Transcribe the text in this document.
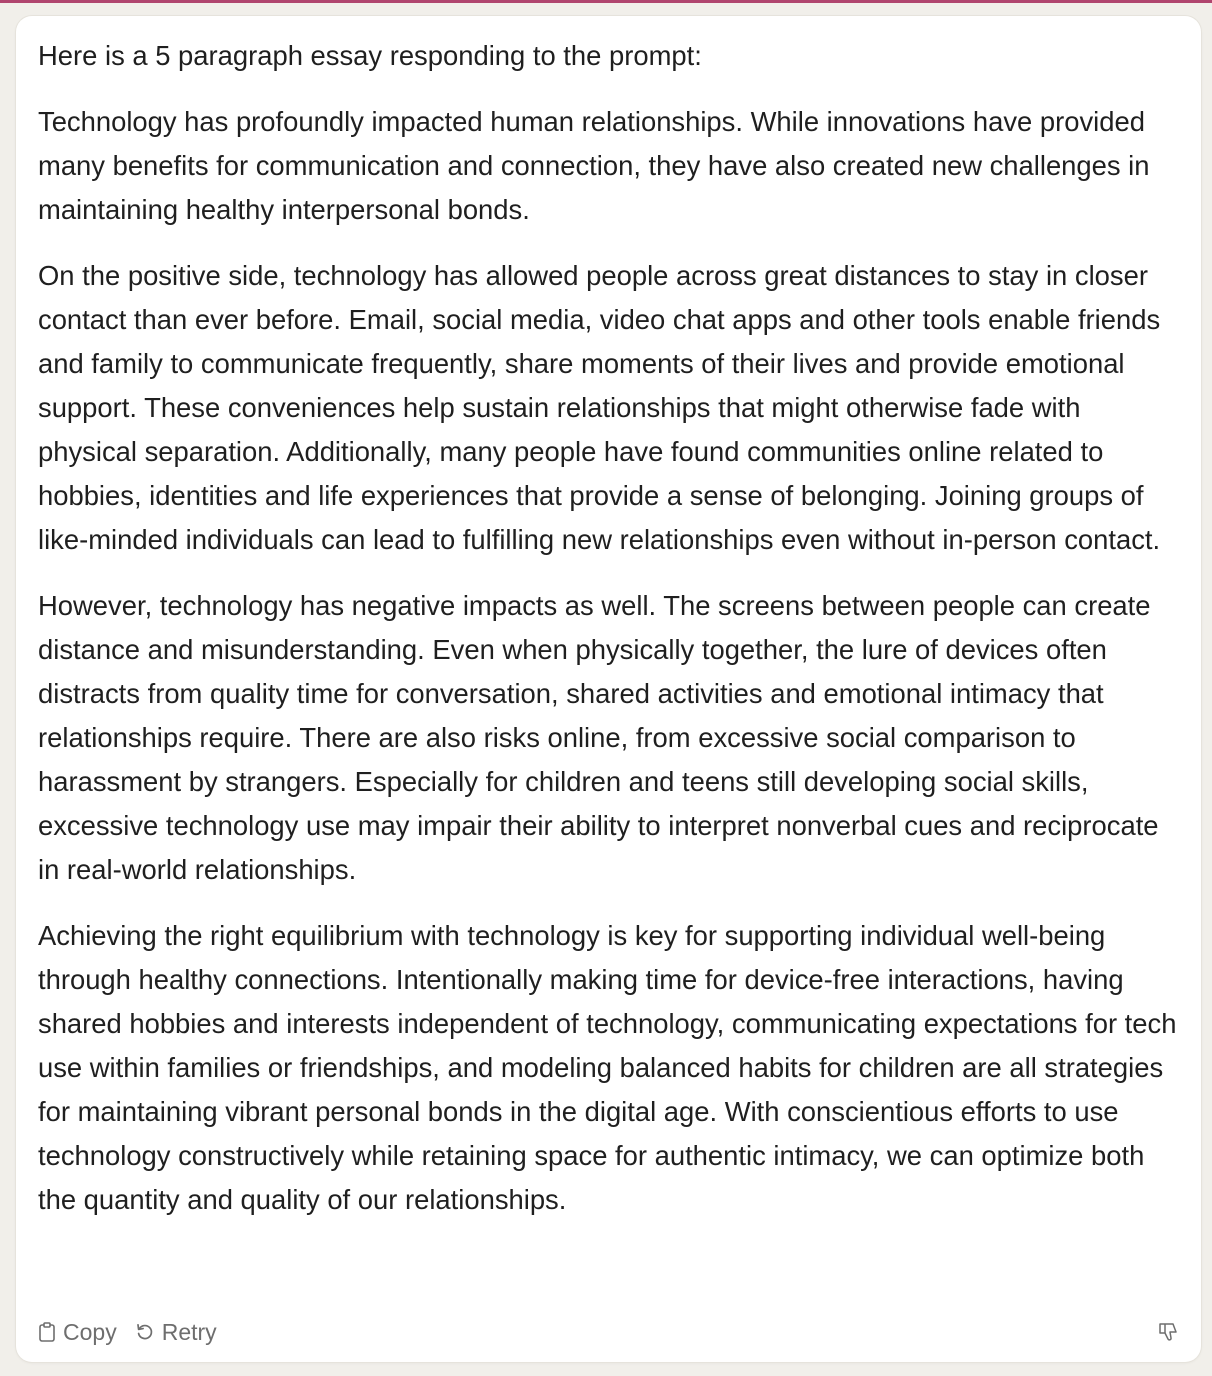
Here is a 5 paragraph essay responding to the prompt:

Technology has profoundly impacted human relationships. While innovations have provided many benefits for communication and connection, they have also created new challenges in maintaining healthy interpersonal bonds.

On the positive side, technology has allowed people across great distances to stay in closer contact than ever before. Email, social media, video chat apps and other tools enable friends and family to communicate frequently, share moments of their lives and provide emotional support. These conveniences help sustain relationships that might otherwise fade with physical separation. Additionally, many people have found communities online related to hobbies, identities and life experiences that provide a sense of belonging. Joining groups of like-minded individuals can lead to fulfilling new relationships even without in-person contact.

However, technology has negative impacts as well. The screens between people can create distance and misunderstanding. Even when physically together, the lure of devices often distracts from quality time for conversation, shared activities and emotional intimacy that relationships require. There are also risks online, from excessive social comparison to harassment by strangers. Especially for children and teens still developing social skills, excessive technology use may impair their ability to interpret nonverbal cues and reciprocate in real-world relationships.

Achieving the right equilibrium with technology is key for supporting individual well-being through healthy connections. Intentionally making time for device-free interactions, having shared hobbies and interests independent of technology, communicating expectations for tech use within families or friendships, and modeling balanced habits for children are all strategies for maintaining vibrant personal bonds in the digital age. With conscientious efforts to use technology constructively while retaining space for authentic intimacy, we can optimize both the quantity and quality of our relationships.

Copy Retry
